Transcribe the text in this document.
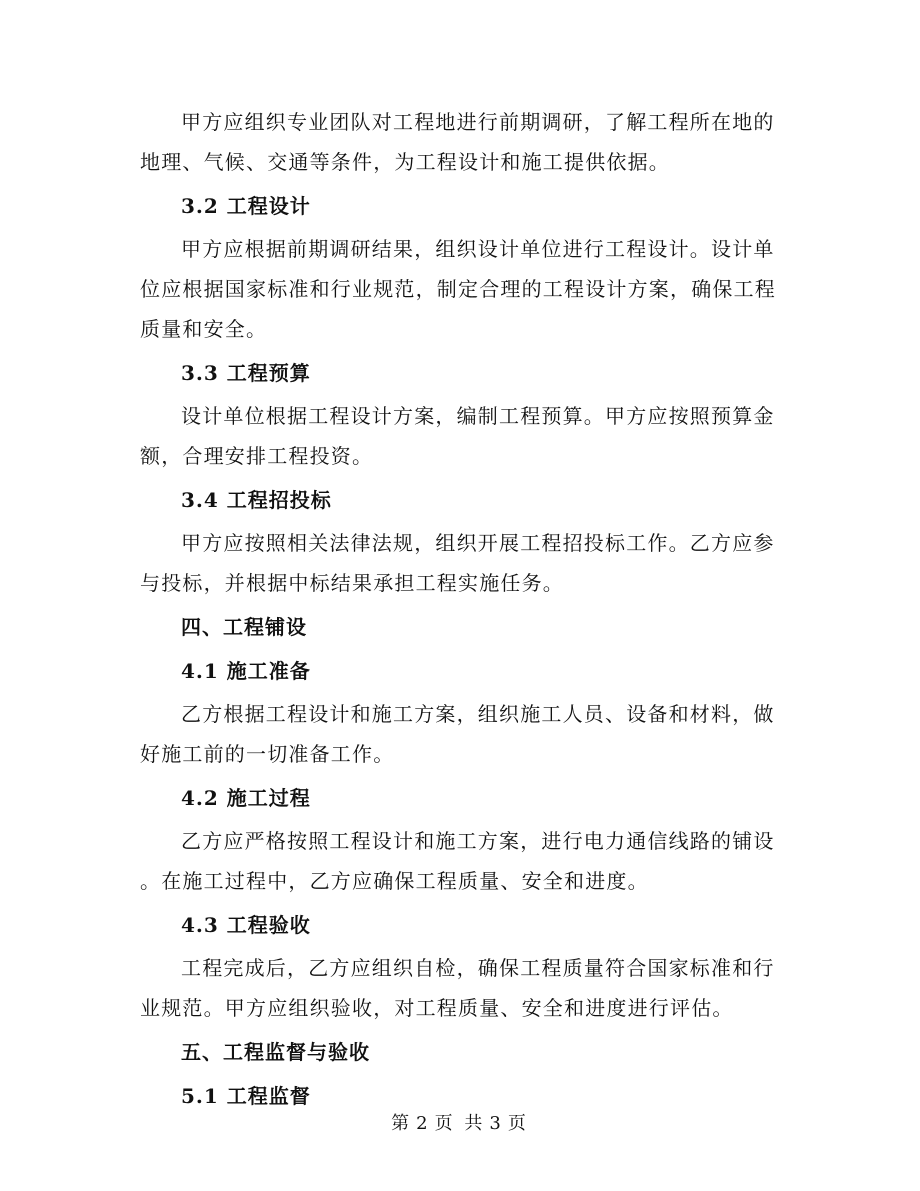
甲方应组织专业团队对工程地进行前期调研，了解工程所在地的
地理、气候、交通等条件，为工程设计和施工提供依据。
3.2 工程设计
甲方应根据前期调研结果，组织设计单位进行工程设计。设计单
位应根据国家标准和行业规范，制定合理的工程设计方案，确保工程
质量和安全。
3.3 工程预算
设计单位根据工程设计方案，编制工程预算。甲方应按照预算金
额，合理安排工程投资。
3.4 工程招投标
甲方应按照相关法律法规，组织开展工程招投标工作。乙方应参
与投标，并根据中标结果承担工程实施任务。
四、工程铺设
4.1 施工准备
乙方根据工程设计和施工方案，组织施工人员、设备和材料，做
好施工前的一切准备工作。
4.2 施工过程
乙方应严格按照工程设计和施工方案，进行电力通信线路的铺设
。在施工过程中，乙方应确保工程质量、安全和进度。
4.3 工程验收
工程完成后，乙方应组织自检，确保工程质量符合国家标准和行
业规范。甲方应组织验收，对工程质量、安全和进度进行评估。
五、工程监督与验收
5.1 工程监督
第 2 页 共 3 页
